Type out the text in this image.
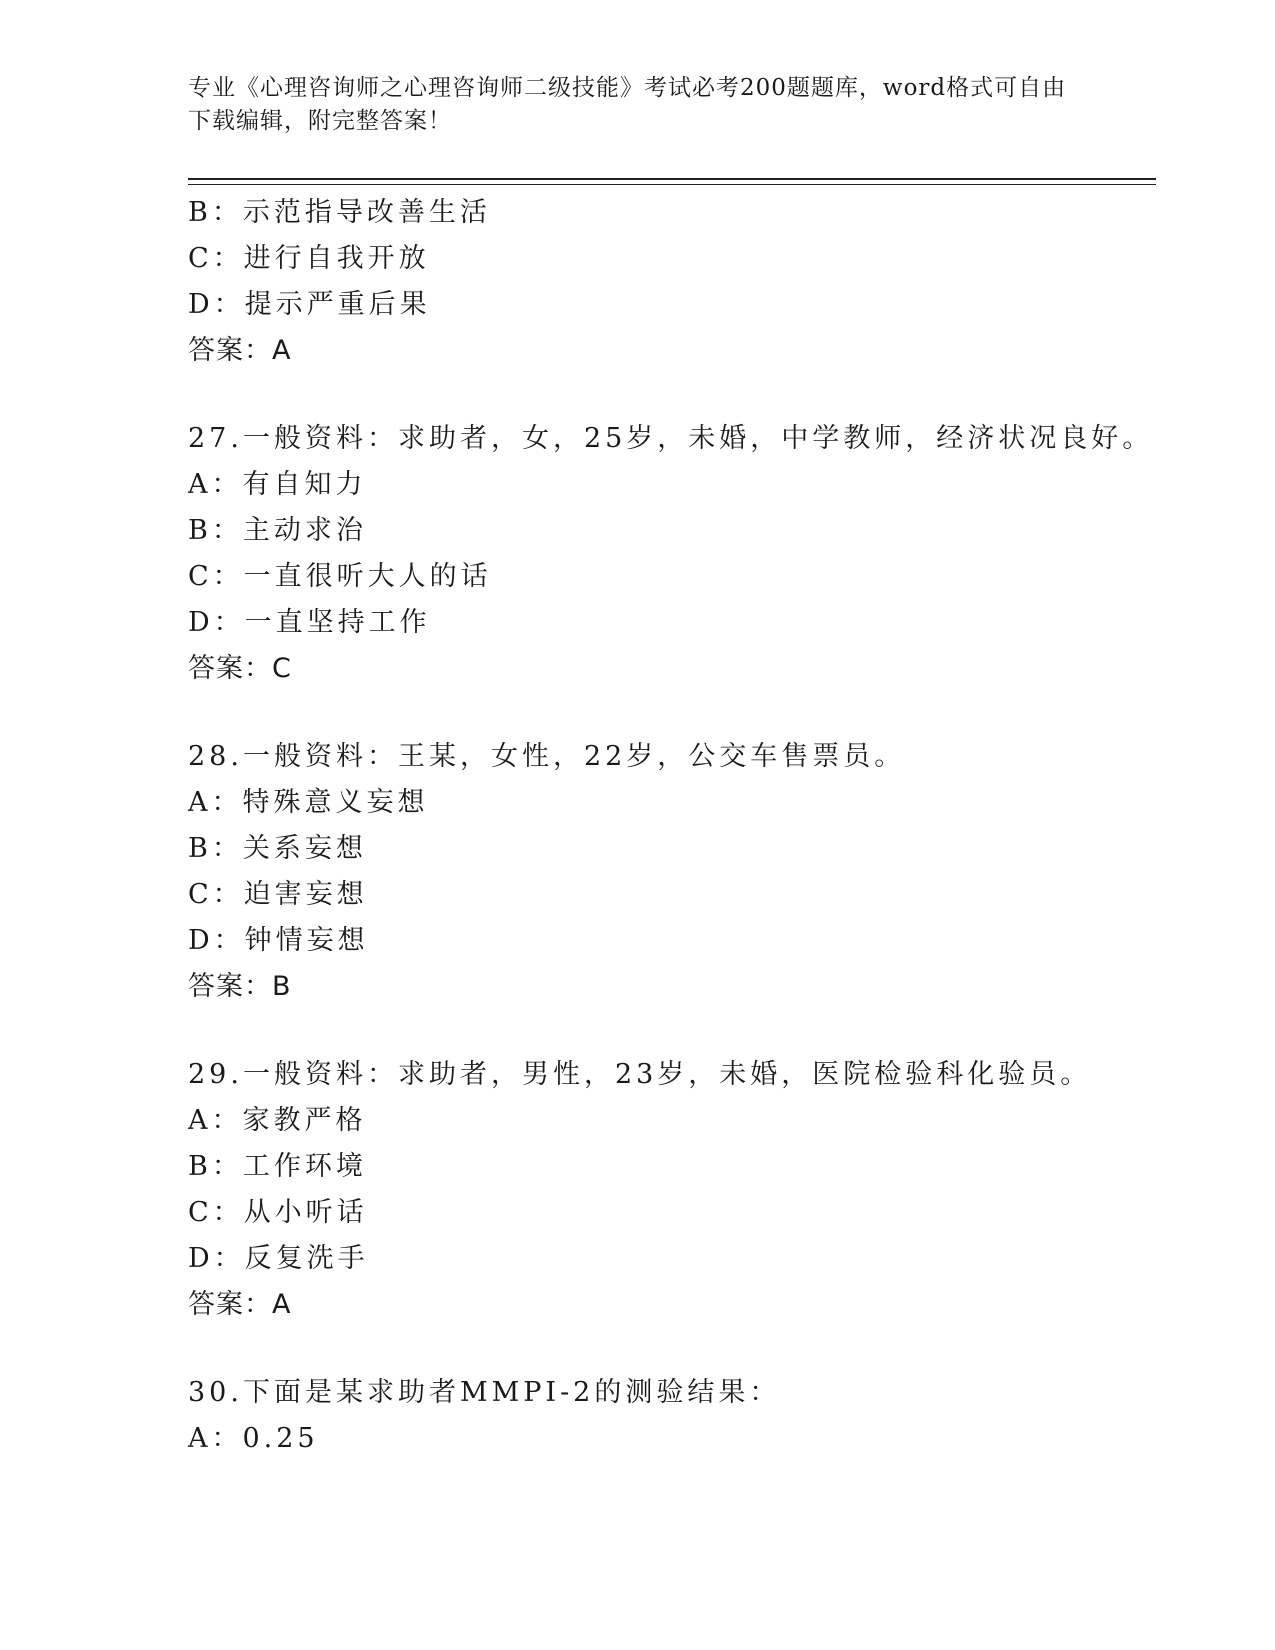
专业《心理咨询师之心理咨询师二级技能》考试必考200题题库，word格式可自由下载编辑，附完整答案！
B：示范指导改善生活
C：进行自我开放
D：提示严重后果
答案：A
27.一般资料：求助者，女，25岁，未婚，中学教师，经济状况良好。
A：有自知力
B：主动求治
C：一直很听大人的话
D：一直坚持工作
答案：C
28.一般资料：王某，女性，22岁，公交车售票员。
A：特殊意义妄想
B：关系妄想
C：迫害妄想
D：钟情妄想
答案：B
29.一般资料：求助者，男性，23岁，未婚，医院检验科化验员。
A：家教严格
B：工作环境
C：从小听话
D：反复洗手
答案：A
30.下面是某求助者MMPI-2的测验结果：
A：0.25
